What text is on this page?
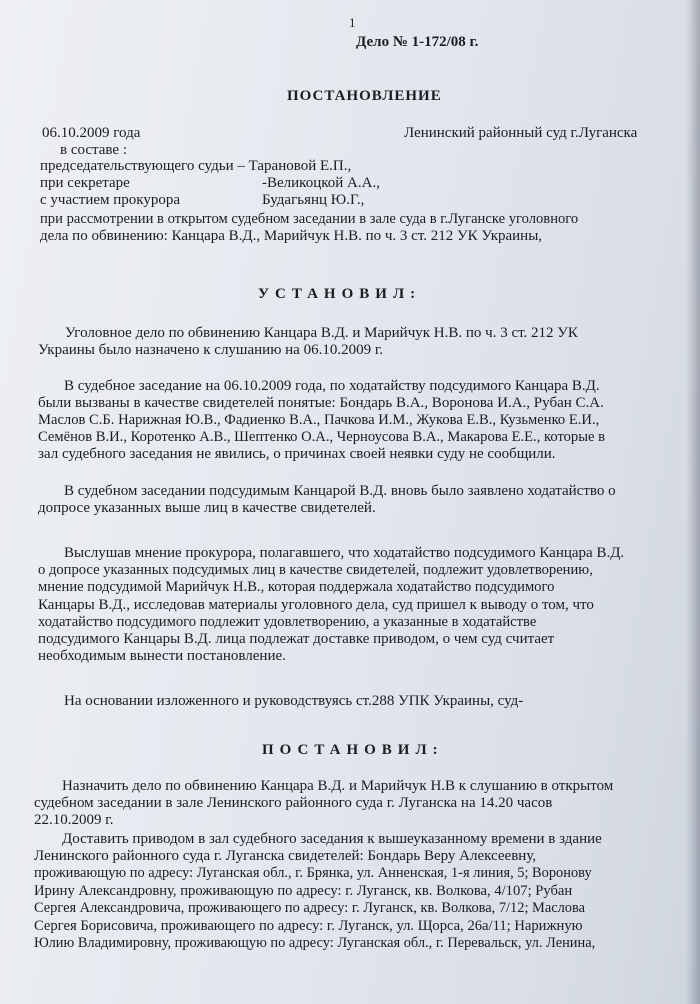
1
Дело № 1-172/08 г.
ПОСТАНОВЛЕНИЕ
06.10.2009 года	Ленинский районный суд г.Луганска
в составе :
председательствующего судьи – Тарановой Е.П.,
при секретаре	-Великоцкой А.А.,
с участием прокурора	Будагьянц Ю.Г.,
при рассмотрении в открытом судебном заседании в зале суда в г.Луганске уголовного
дела по обвинению: Канцара В.Д., Марийчук Н.В. по ч. 3 ст. 212 УК Украины,
УСТАНОВИЛ:
Уголовное дело по обвинению Канцара В.Д. и Марийчук Н.В. по ч. 3 ст. 212 УК
Украины было назначено к слушанию на 06.10.2009 г.
В судебное заседание на 06.10.2009 года, по ходатайству подсудимого Канцара В.Д.
были вызваны в качестве свидетелей понятые: Бондарь В.А., Воронова И.А., Рубан С.А.
Маслов С.Б. Нарижная Ю.В., Фадиенко В.А., Пачкова И.М., Жукова Е.В., Кузьменко Е.И.,
Семёнов В.И., Коротенко А.В., Шептенко О.А., Черноусова В.А., Макарова Е.Е., которые в
зал судебного заседания не явились, о причинах своей неявки суду не сообщили.
В судебном заседании подсудимым Канцарой В.Д. вновь было заявлено ходатайство о
допросе указанных выше лиц в качестве свидетелей.
Выслушав мнение прокурора, полагавшего, что ходатайство подсудимого Канцара В.Д.
о допросе указанных подсудимых лиц в качестве свидетелей, подлежит удовлетворению,
мнение подсудимой Марийчук Н.В., которая поддержала ходатайство подсудимого
Канцары В.Д., исследовав материалы уголовного дела, суд пришел к выводу о том, что
ходатайство подсудимого подлежит удовлетворению, а указанные в ходатайстве
подсудимого Канцары В.Д. лица подлежат доставке приводом, о чем суд считает
необходимым вынести постановление.
На основании изложенного и руководствуясь ст.288 УПК Украины, суд-
ПОСТАНОВИЛ:
Назначить дело по обвинению Канцара В.Д. и Марийчук Н.В к слушанию в открытом
судебном заседании в зале Ленинского районного суда г. Луганска на 14.20 часов
22.10.2009 г.
Доставить приводом в зал судебного заседания к вышеуказанному времени в здание
Ленинского районного суда г. Луганска свидетелей: Бондарь Веру Алексеевну,
проживающую по адресу: Луганская обл., г. Брянка, ул. Анненская, 1-я линия, 5; Воронову
Ирину Александровну, проживающую по адресу: г. Луганск, кв. Волкова, 4/107; Рубан
Сергея Александровича, проживающего по адресу: г. Луганск, кв. Волкова, 7/12; Маслова
Сергея Борисовича, проживающего по адресу: г. Луганск, ул. Щорса, 26а/11; Нарижную
Юлию Владимировну, проживающую по адресу: Луганская обл., г. Перевальск, ул. Ленина,
